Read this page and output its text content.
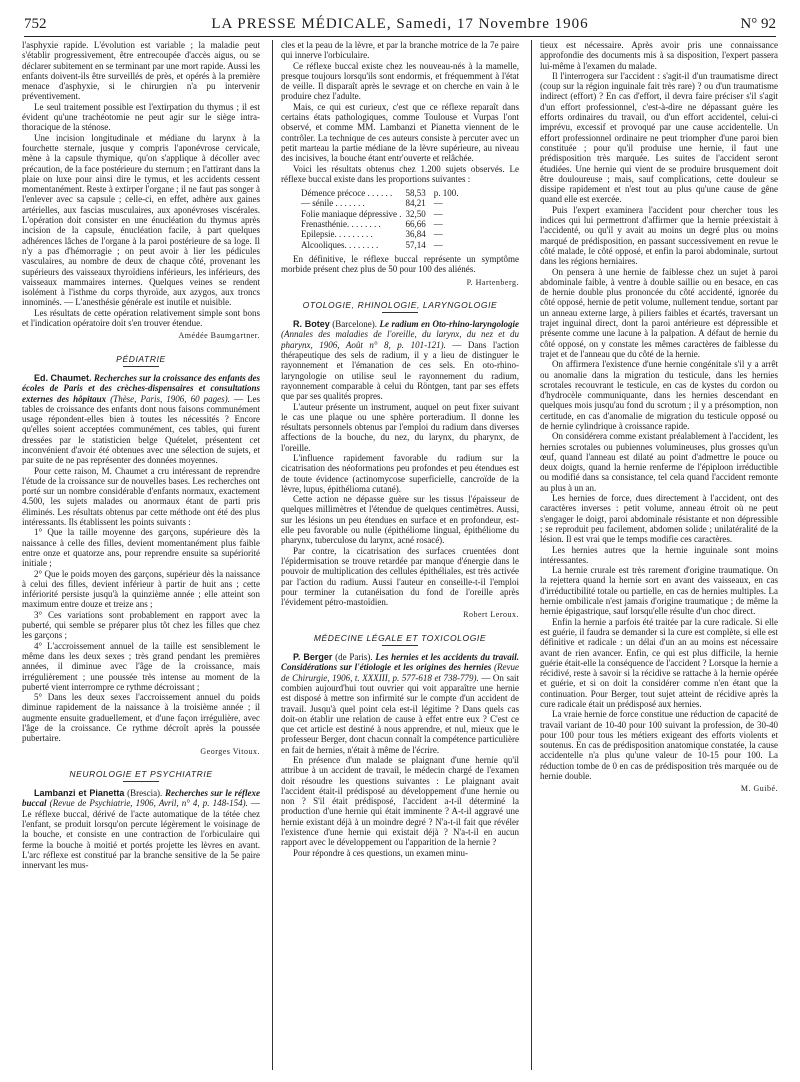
752	LA PRESSE MÉDICALE, Samedi, 17 Novembre 1906	N° 92

l'asphyxie rapide. L'évolution est variable ; la maladie peut s'établir progressivement, être entrecoupée d'accès aigus, ou se déclarer subitement en se terminant par une mort rapide. Aussi les enfants doivent-ils être surveillés de près, et opérés à la première menace d'asphyxie, si le chirurgien n'a pu intervenir préventivement.

Le seul traitement possible est l'extirpation du thymus ; il est évident qu'une trachéotomie ne peut agir sur le siège intra-thoracique de la sténose.

Une incision longitudinale et médiane du larynx à la fourchette sternale, jusque y compris l'aponévrose cervicale, mène à la capsule thymique, qu'on s'applique à décoller avec précaution, de la face postérieure du sternum ; en l'attirant dans la plaie on luxe pour ainsi dire le tymus, et les accidents cessent momentanément. Reste à extirper l'organe ; il ne faut pas songer à l'enlever avec sa capsule ; celle-ci, en effet, adhère aux gaines artérielles, aux fascias musculaires, aux aponévroses viscérales. L'opération doit consister en une énucléation du thymus après incision de la capsule, énucléation facile, à part quelques adhérences lâches de l'organe à la paroi postérieure de sa loge. Il n'y a pas d'hémorragie ; on peut avoir à lier les pédicules vasculaires, au nombre de deux de chaque côté, provenant les supérieurs des vaisseaux thyroïdiens inférieurs, les inférieurs, des vaisseaux mammaires internes. Quelques veines se rendent isolément à l'isthme du corps thyroïde, aux azygos, aux troncs innominés. — L'anesthésie générale est inutile et nuisible.

Les résultats de cette opération relativement simple sont bons et l'indication opératoire doit s'en trouver étendue.

Amédée Baumgartner.

PÉDIATRIE

Ed. Chaumet. Recherches sur la croissance des enfants des écoles de Paris et des crèches-dispensaires et consultations externes des hôpitaux (Thèse, Paris, 1906, 60 pages). — Les tables de croissance des enfants dont nous faisons communément usage répondent-elles bien à toutes les nécessités ? Encore qu'elles soient acceptées communément, ces tables, qui furent dressées par le statisticien belge Quételet, présentent cet inconvénient d'avoir été obtenues avec une sélection de sujets, et par suite de ne pas représenter des données moyennes.

Pour cette raison, M. Chaumet a cru intéressant de reprendre l'étude de la croissance sur de nouvelles bases. Les recherches ont porté sur un nombre considérable d'enfants normaux, exactement 4.500, les sujets malades ou anormaux étant de parti pris éliminés. Les résultats obtenus par cette méthode ont été des plus intéressants. Ils établissent les points suivants :

1° Que la taille moyenne des garçons, supérieure dès la naissance à celle des filles, devient momentanément plus faible entre onze et quatorze ans, pour reprendre ensuite sa supériorité initiale ;

2° Que le poids moyen des garçons, supérieur dès la naissance à celui des filles, devient inférieur à partir de huit ans ; cette infériorité persiste jusqu'à la quinzième année ; elle atteint son maximum entre douze et treize ans ;

3° Ces variations sont probablement en rapport avec la puberté, qui semble se préparer plus tôt chez les filles que chez les garçons ;

4° L'accroissement annuel de la taille est sensiblement le même dans les deux sexes ; très grand pendant les premières années, il diminue avec l'âge de la croissance, mais irrégulièrement ; une poussée très intense au moment de la puberté vient interrompre ce rythme décroissant ;

5° Dans les deux sexes l'accroissement annuel du poids diminue rapidement de la naissance à la troisième année ; il augmente ensuite graduellement, et d'une façon irrégulière, avec l'âge de la croissance. Ce rythme décroît après la poussée pubertaire.

Georges Vitoux.

NEUROLOGIE ET PSYCHIATRIE

Lambanzi et Pianetta (Brescia). Recherches sur le réflexe buccal (Revue de Psychiatrie, 1906, Avril, n° 4, p. 148-154). — Le réflexe buccal, dérivé de l'acte automatique de la tétée chez l'enfant, se produit lorsqu'on percute légèrement le voisinage de la bouche, et consiste en une contraction de l'orbiculaire qui ferme la bouche à moitié et portés projette les lèvres en avant. L'arc réflexe est constitué par la branche sensitive de la 5e paire innervant les mus-

cles et la peau de la lèvre, et par la branche motrice de la 7e paire qui innerve l'orbiculaire.

Ce réflexe buccal existe chez les nouveau-nés à la mamelle, presque toujours lorsqu'ils sont endormis, et fréquemment à l'état de veille. Il disparaît après le sevrage et on cherche en vain à le produire chez l'adulte.

Mais, ce qui est curieux, c'est que ce réflexe reparaît dans certains états pathologiques, comme Toulouse et Vurpas l'ont observé, et comme MM. Lambanzi et Pianetta viennent de le contrôler. La technique de ces auteurs consiste à percuter avec un petit marteau la partie médiane de la lèvre supérieure, au niveau des incisives, la bouche étant entr'ouverte et relâchée.

Voici les résultats obtenus chez 1.200 sujets observés. Le réflexe buccal existe dans les proportions suivantes :

Démence précoce . . . . . .	58,53	p. 100.
— sénile . . . . . . .	84,21	—
Folie maniaque dépressive .	32,50	—
Frenasthénie. . . . . . . .	66,66	—
Epilepsie. . . . . . . . .	36,84	—
Alcooliques. . . . . . . .	57,14	—

En définitive, le réflexe buccal représente un symptôme morbide présent chez plus de 50 pour 100 des aliénés.

P. Hartenberg.

OTOLOGIE, RHINOLOGIE, LARYNGOLOGIE

R. Botey (Barcelone). Le radium en Oto-rhino-laryngologie (Annales des maladies de l'oreille, du larynx, du nez et du pharynx, 1906, Août n° 8, p. 101-121). — Dans l'action thérapeutique des sels de radium, il y a lieu de distinguer le rayonnement et l'émanation de ces sels. En oto-rhino-laryngologie on utilise seul le rayonnement du radium, rayonnement comparable à celui du Röntgen, tant par ses effets que par ses qualités propres.

L'auteur présente un instrument, auquel on peut fixer suivant le cas une plaque ou une sphère porteradium. Il donne les résultats personnels obtenus par l'emploi du radium dans diverses affections de la bouche, du nez, du larynx, du pharynx, de l'oreille.

L'influence rapidement favorable du radium sur la cicatrisation des néoformations peu profondes et peu étendues est de toute évidence (actinomycose superficielle, cancroïde de la lèvre, lupus, épithélioma cutané).

Cette action ne dépasse guère sur les tissus l'épaisseur de quelques millimètres et l'étendue de quelques centimètres. Aussi, sur les lésions un peu étendues en surface et en profondeur, est-elle peu favorable ou nulle (épithéliome lingual, épithéliome du pharynx, tuberculose du larynx, acné rosacé).

Par contre, la cicatrisation des surfaces cruentées dont l'épidermisation se trouve retardée par manque d'énergie dans le pouvoir de multiplication des cellules épithéliales, est très activée par l'action du radium. Aussi l'auteur en conseille-t-il l'emploi pour terminer la cutanéisation du fond de l'oreille après l'évidement pétro-mastoïdien.

Robert Leroux.

MÉDECINE LÉGALE ET TOXICOLOGIE

P. Berger (de Paris). Les hernies et les accidents du travail. Considérations sur l'étiologie et les origines des hernies (Revue de Chirurgie, 1906, t. XXXIII, p. 577-618 et 738-779). — On sait combien aujourd'hui tout ouvrier qui voit apparaître une hernie est disposé à mettre son infirmité sur le compte d'un accident de travail. Jusqu'à quel point cela est-il légitime ? Dans quels cas doit-on établir une relation de cause à effet entre eux ? C'est ce que cet article est destiné à nous apprendre, et nul, mieux que le professeur Berger, dont chacun connaît la compétence particulière en fait de hernies, n'était à même de l'écrire.

En présence d'un malade se plaignant d'une hernie qu'il attribue à un accident de travail, le médecin chargé de l'examen doit résoudre les questions suivantes : Le plaignant avait l'accident était-il prédisposé au développement d'une hernie ou non ? S'il était prédisposé, l'accident a-t-il déterminé la production d'une hernie qui était imminente ? A-t-il aggravé une hernie existant déjà à un moindre degré ? N'a-t-il fait que révéler l'existence d'une hernie qui existait déjà ? N'a-t-il en aucun rapport avec le développement ou l'apparition de la hernie ?

Pour répondre à ces questions, un examen minu-

tieux est nécessaire. Après avoir pris une connaissance approfondie des documents mis à sa disposition, l'expert passera lui-même à l'examen du malade.

Il l'interrogera sur l'accident : s'agit-il d'un traumatisme direct (coup sur la région inguinale fait très rare) ? ou d'un traumatisme indirect (effort) ? En cas d'effort, il devra faire préciser s'il s'agit d'un effort professionnel, c'est-à-dire ne dépassant guère les efforts ordinaires du travail, ou d'un effort accidentel, celui-ci imprévu, excessif et provoqué par une cause accidentelle. Un effort professionnel ordinaire ne peut triompher d'une paroi bien constituée ; pour qu'il produise une hernie, il faut une prédisposition très marquée. Les suites de l'accident seront étudiées. Une hernie qui vient de se produire brusquement doit être douloureuse ; mais, sauf complications, cette douleur se dissipe rapidement et n'est tout au plus qu'une cause de gêne quand elle est exercée.

Puis l'expert examinera l'accident pour chercher tous les indices qui lui permettront d'affirmer que la hernie préexistait à l'accidenté, ou qu'il y avait au moins un degré plus ou moins marqué de prédisposition, en passant successivement en revue le côté malade, le côté opposé, et enfin la paroi abdominale, surtout dans les régions herniaires.

On pensera à une hernie de faiblesse chez un sujet à paroi abdominale faible, à ventre à double saillie ou en besace, en cas de hernie double plus prononcée du côté accidenté, ignorée du côté opposé, hernie de petit volume, nullement tendue, sortant par un anneau externe large, à piliers faibles et écartés, traversant un trajet inguinal direct, dont la paroi antérieure est dépressible et présente comme une lacune à la palpation. A défaut de hernie du côté opposé, on y constate les mêmes caractères de faiblesse du trajet et de l'anneau que du côté de la hernie.

On affirmera l'existence d'une hernie congénitale s'il y a arrêt ou anomalie dans la migration du testicule, dans les hernies scrotales recouvrant le testicule, en cas de kystes du cordon ou d'hydrocèle communiquante, dans les hernies descendant en quelques mois jusqu'au fond du scrotum ; il y a présomption, non certitude, en cas d'anomalie de migration du testicule opposé ou de hernie cylindrique à croissance rapide.

On considérera comme existant préalablement à l'accident, les hernies scrotales ou pubiennes volumineuses, plus grosses qu'un œuf, quand l'anneau est dilaté au point d'admettre le pouce ou deux doigts, quand la hernie renferme de l'épiploon irréductible ou modifié dans sa consistance, tel cela quand l'accident remonte au plus à un an.

Les hernies de force, dues directement à l'accident, ont des caractères inverses : petit volume, anneau étroit où ne peut s'engager le doigt, paroi abdominale résistante et non dépressible ; se reproduit peu facilement, abdomen solide ; unilatéralité de la lésion. Il est vrai que le temps modifie ces caractères.

Les hernies autres que la hernie inguinale sont moins intéressantes.

La hernie crurale est très rarement d'origine traumatique. On la rejettera quand la hernie sort en avant des vaisseaux, en cas d'irréductibilité totale ou partielle, en cas de hernies multiples. La hernie ombilicale n'est jamais d'origine traumatique ; de même la hernie épigastrique, sauf lorsqu'elle résulte d'un choc direct.

Enfin la hernie a parfois été traitée par la cure radicale. Si elle est guérie, il faudra se demander si la cure est complète, si elle est définitive et radicale : un délai d'un an au moins est nécessaire avant de rien avancer. Enfin, ce qui est plus difficile, la hernie guérie était-elle la conséquence de l'accident ? Lorsque la hernie a récidivé, reste à savoir si la récidive se rattache à la hernie opérée et guérie, et si on doit la considérer comme n'en étant que la continuation. Pour Berger, tout sujet atteint de récidive après la cure radicale était un prédisposé aux hernies.

La vraie hernie de force constitue une réduction de capacité de travail variant de 10-40 pour 100 suivant la profession, de 30-40 pour 100 pour tous les métiers exigeant des efforts violents et soutenus. En cas de prédisposition anatomique constatée, la cause accidentelle n'a plus qu'une valeur de 10-15 pour 100. La réduction tombe de 0 en cas de prédisposition très marquée ou de hernie double.

M. Guibé.
